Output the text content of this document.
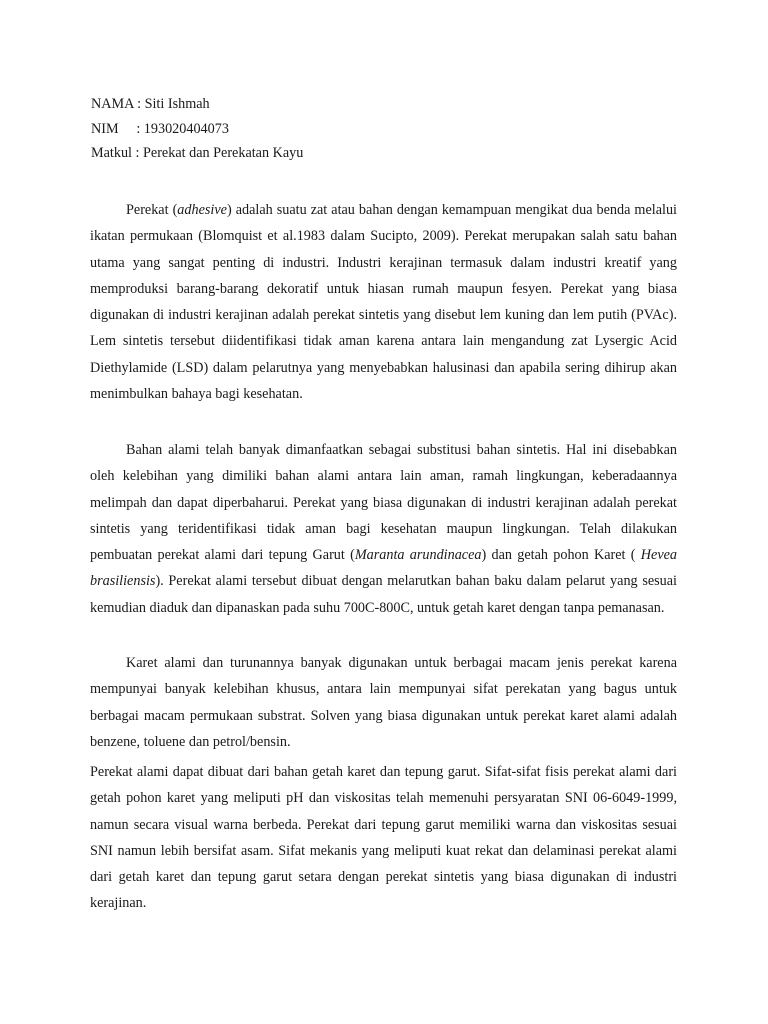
NAMA : Siti Ishmah
NIM     : 193020404073
Matkul : Perekat dan Perekatan Kayu

Perekat (adhesive) adalah suatu zat atau bahan dengan kemampuan mengikat dua benda melalui ikatan permukaan (Blomquist et al.1983 dalam Sucipto, 2009). Perekat merupakan salah satu bahan utama yang sangat penting di industri. Industri kerajinan termasuk dalam industri kreatif yang memproduksi barang-barang dekoratif untuk hiasan rumah maupun fesyen. Perekat yang biasa digunakan di industri kerajinan adalah perekat sintetis yang disebut lem kuning dan lem putih (PVAc). Lem sintetis tersebut diidentifikasi tidak aman karena antara lain mengandung zat Lysergic Acid Diethylamide (LSD) dalam pelarutnya yang menyebabkan halusinasi dan apabila sering dihirup akan menimbulkan bahaya bagi kesehatan.

Bahan alami telah banyak dimanfaatkan sebagai substitusi bahan sintetis. Hal ini disebabkan oleh kelebihan yang dimiliki bahan alami antara lain aman, ramah lingkungan, keberadaannya melimpah dan dapat diperbaharui. Perekat yang biasa digunakan di industri kerajinan adalah perekat sintetis yang teridentifikasi tidak aman bagi kesehatan maupun lingkungan. Telah dilakukan pembuatan perekat alami dari tepung Garut (Maranta arundinacea) dan getah pohon Karet ( Hevea brasiliensis). Perekat alami tersebut dibuat dengan melarutkan bahan baku dalam pelarut yang sesuai kemudian diaduk dan dipanaskan pada suhu 700C-800C, untuk getah karet dengan tanpa pemanasan.

Karet alami dan turunannya banyak digunakan untuk berbagai macam jenis perekat karena mempunyai banyak kelebihan khusus, antara lain mempunyai sifat perekatan yang bagus untuk berbagai macam permukaan substrat. Solven yang biasa digunakan untuk perekat karet alami adalah benzene, toluene dan petrol/bensin.

Perekat alami dapat dibuat dari bahan getah karet dan tepung garut. Sifat-sifat fisis perekat alami dari getah pohon karet yang meliputi pH dan viskositas telah memenuhi persyaratan SNI 06-6049-1999, namun secara visual warna berbeda. Perekat dari tepung garut memiliki warna dan viskositas sesuai SNI namun lebih bersifat asam. Sifat mekanis yang meliputi kuat rekat dan delaminasi perekat alami dari getah karet dan tepung garut setara dengan perekat sintetis yang biasa digunakan di industri kerajinan.
